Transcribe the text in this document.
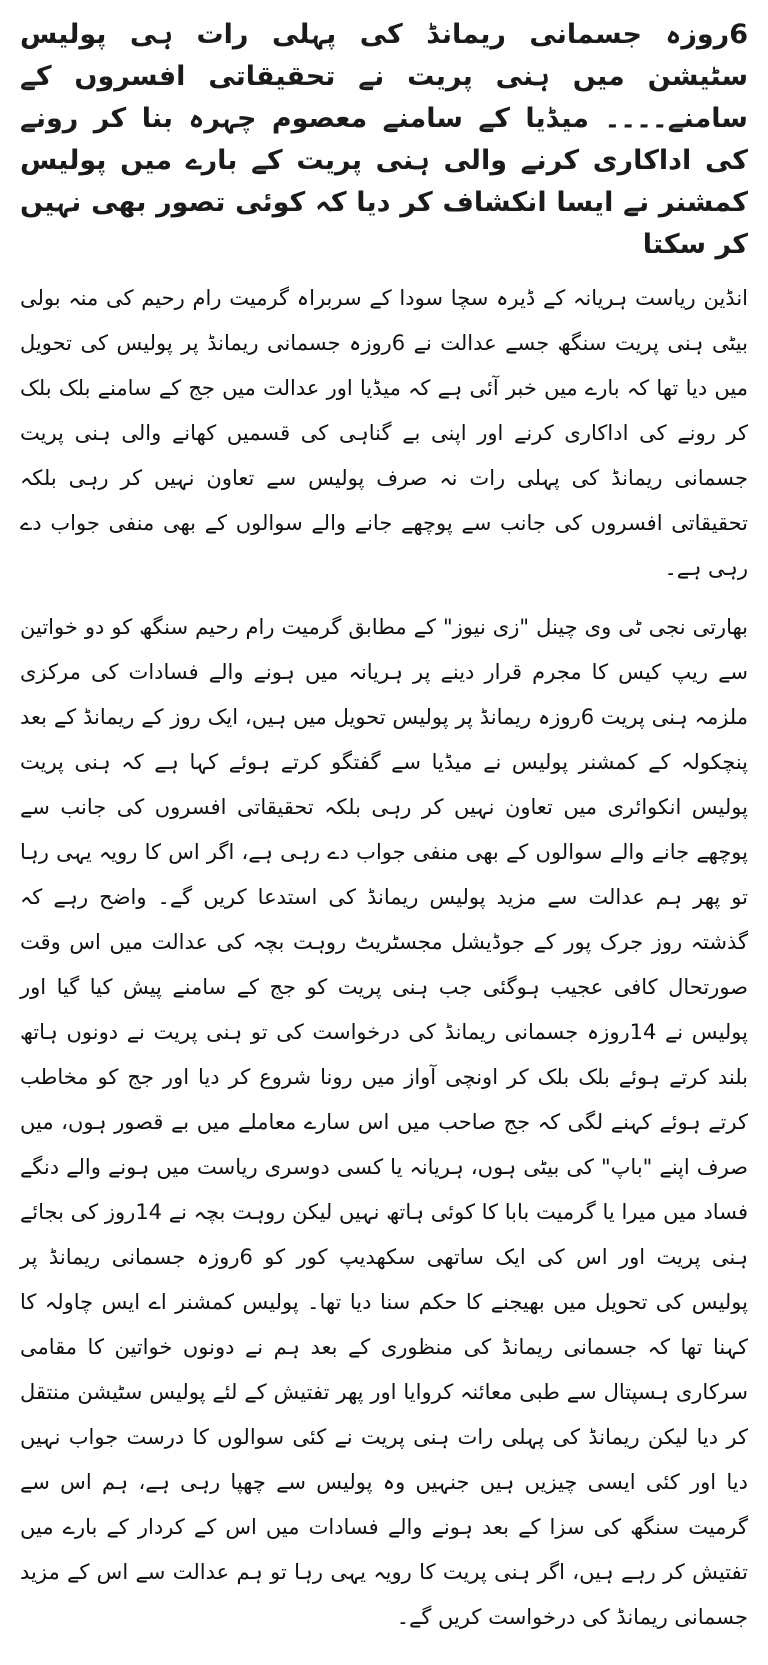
6روزہ جسمانی ریمانڈ کی پہلی رات ہی پولیس سٹیشن میں ہنی پریت نے تحقیقاتی افسروں کے سامنے۔۔۔۔ میڈیا کے سامنے معصوم چہرہ بنا کر رونے کی اداکاری کرنے والی ہنی پریت کے بارے میں پولیس کمشنر نے ایسا انکشاف کر دیا کہ کوئی تصور بھی نہیں کر سکتا

انڈین ریاست ہریانہ کے ڈیرہ سچا سودا کے سربراہ گرمیت رام رحیم کی منہ بولی بیٹی ہنی پریت سنگھ جسے عدالت نے 6روزہ جسمانی ریمانڈ پر پولیس کی تحویل میں دیا تھا کہ بارے میں خبر آئی ہے کہ میڈیا اور عدالت میں جج کے سامنے بلک بلک کر رونے کی اداکاری کرنے اور اپنی بے گناہی کی قسمیں کھانے والی ہنی پریت جسمانی ریمانڈ کی پہلی رات نہ صرف پولیس سے تعاون نہیں کر رہی بلکہ تحقیقاتی افسروں کی جانب سے پوچھے جانے والے سوالوں کے بھی منفی جواب دے رہی ہے۔

بھارتی نجی ٹی وی چینل "زی نیوز" کے مطابق گرمیت رام رحیم سنگھ کو دو خواتین سے ریپ کیس کا مجرم قرار دینے پر ہریانہ میں ہونے والے فسادات کی مرکزی ملزمہ ہنی پریت 6روزہ ریمانڈ پر پولیس تحویل میں ہیں، ایک روز کے ریمانڈ کے بعد پنچکولہ کے کمشنر پولیس نے میڈیا سے گفتگو کرتے ہوئے کہا ہے کہ ہنی پریت پولیس انکوائری میں تعاون نہیں کر رہی بلکہ تحقیقاتی افسروں کی جانب سے پوچھے جانے والے سوالوں کے بھی منفی جواب دے رہی ہے، اگر اس کا رویہ یہی رہا تو پھر ہم عدالت سے مزید پولیس ریمانڈ کی استدعا کریں گے۔ واضح رہے کہ گذشتہ روز جرک پور کے جوڈیشل مجسٹریٹ روہت بچہ کی عدالت میں اس وقت صورتحال کافی عجیب ہوگئی جب ہنی پریت کو جج کے سامنے پیش کیا گیا اور پولیس نے 14روزہ جسمانی ریمانڈ کی درخواست کی تو ہنی پریت نے دونوں ہاتھ بلند کرتے ہوئے بلک بلک کر اونچی آواز میں رونا شروع کر دیا اور جج کو مخاطب کرتے ہوئے کہنے لگی کہ جج صاحب میں اس سارے معاملے میں بے قصور ہوں، میں صرف اپنے "باپ" کی بیٹی ہوں، ہریانہ یا کسی دوسری ریاست میں ہونے والے دنگے فساد میں میرا یا گرمیت بابا کا کوئی ہاتھ نہیں لیکن روہت بچہ نے 14روز کی بجائے ہنی پریت اور اس کی ایک ساتھی سکھدیپ کور کو 6روزہ جسمانی ریمانڈ پر پولیس کی تحویل میں بھیجنے کا حکم سنا دیا تھا۔ پولیس کمشنر اے ایس چاولہ کا کہنا تھا کہ جسمانی ریمانڈ کی منظوری کے بعد ہم نے دونوں خواتین کا مقامی سرکاری ہسپتال سے طبی معائنہ کروایا اور پھر تفتیش کے لئے پولیس سٹیشن منتقل کر دیا لیکن ریمانڈ کی پہلی رات ہنی پریت نے کئی سوالوں کا درست جواب نہیں دیا اور کئی ایسی چیزیں ہیں جنہیں وہ پولیس سے چھپا رہی ہے، ہم اس سے گرمیت سنگھ کی سزا کے بعد ہونے والے فسادات میں اس کے کردار کے بارے میں تفتیش کر رہے ہیں، اگر ہنی پریت کا رویہ یہی رہا تو ہم عدالت سے اس کے مزید جسمانی ریمانڈ کی درخواست کریں گے۔
